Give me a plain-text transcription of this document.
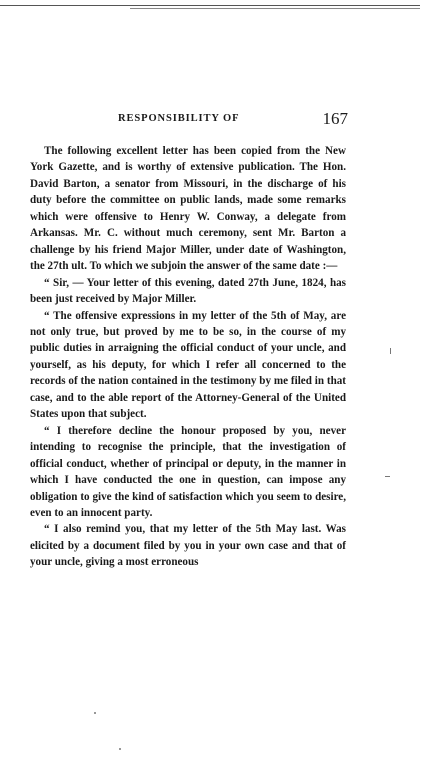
RESPONSIBILITY OF	167

The following excellent letter has been copied from the New York Gazette, and is worthy of extensive publication. The Hon. David Barton, a senator from Missouri, in the discharge of his duty before the committee on public lands, made some remarks which were offensive to Henry W. Conway, a delegate from Arkansas. Mr. C. without much ceremony, sent Mr. Barton a challenge by his friend Major Miller, under date of Washington, the 27th ult. To which we subjoin the answer of the same date :—

“ Sir, — Your letter of this evening, dated 27th June, 1824, has been just received by Major Miller.

“ The offensive expressions in my letter of the 5th of May, are not only true, but proved by me to be so, in the course of my public duties in arraigning the official conduct of your uncle, and yourself, as his deputy, for which I refer all concerned to the records of the nation contained in the testimony by me filed in that case, and to the able report of the Attorney-General of the United States upon that subject.

“ I therefore decline the honour proposed by you, never intending to recognise the principle, that the investigation of official conduct, whether of principal or deputy, in the manner in which I have conducted the one in question, can impose any obligation to give the kind of satisfaction which you seem to desire, even to an innocent party.

“ I also remind you, that my letter of the 5th May last. Was elicited by a document filed by you in your own case and that of your uncle, giving a most erroneous
